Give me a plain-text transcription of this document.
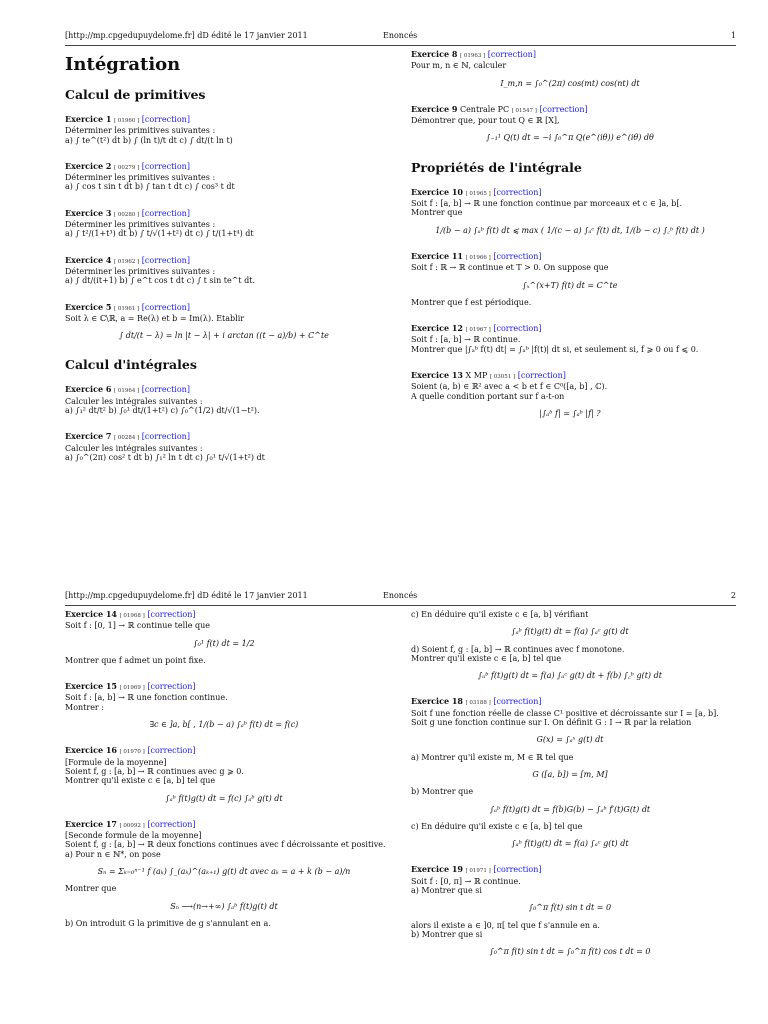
[http://mp.cpgedupuydelome.fr] dD édité le 17 janvier 2011	Enoncés	1
Intégration
Calcul de primitives
Exercice 1 [ 01960 ] [correction]
Déterminer les primitives suivantes :
a) ∫ te^(t²) dt b) ∫ (ln t)/t dt c) ∫ dt/(t ln t)
Exercice 2 [ 00279 ] [correction]
Déterminer les primitives suivantes :
a) ∫ cos t sin t dt b) ∫ tan t dt c) ∫ cos³ t dt
Exercice 3 [ 00280 ] [correction]
Déterminer les primitives suivantes :
a) ∫ t²/(1+t³) dt b) ∫ t/√(1+t²) dt c) ∫ t/(1+t⁴) dt
Exercice 4 [ 01962 ] [correction]
Déterminer les primitives suivantes :
a) ∫ dt/(it+1) b) ∫ e^t cos t dt c) ∫ t sin te^t dt.
Exercice 5 [ 01961 ] [correction]
Soit λ ∈ ℂ\ℝ, a = Re(λ) et b = Im(λ). Etablir
∫ dt/(t − λ) = ln |t − λ| + i arctan ((t − a)/b) + C^te
Calcul d'intégrales
Exercice 6 [ 01964 ] [correction]
Calculer les intégrales suivantes :
a) ∫₁² dt/t² b) ∫₀¹ dt/(1+t²) c) ∫₀^(1/2) dt/√(1−t²).
Exercice 7 [ 00284 ] [correction]
Calculer les intégrales suivantes :
a) ∫₀^(2π) cos² t dt b) ∫₁² ln t dt c) ∫₀¹ t/√(1+t²) dt
Exercice 8 [ 01963 ] [correction]
Pour m, n ∈ ℕ, calculer
I_m,n = ∫₀^(2π) cos(mt) cos(nt) dt
Exercice 9 Centrale PC [ 01547 ] [correction]
Démontrer que, pour tout Q ∈ ℝ [X],
∫₋₁¹ Q(t) dt = −i ∫₀^π Q(e^(iθ)) e^(iθ) dθ
Propriétés de l'intégrale
Exercice 10 [ 01965 ] [correction]
Soit f : [a, b] → ℝ une fonction continue par morceaux et c ∈ ]a, b[.
Montrer que
1/(b − a) ∫ₐᵇ f(t) dt ⩽ max ( 1/(c − a) ∫ₐᶜ f(t) dt, 1/(b − c) ∫꜀ᵇ f(t) dt )
Exercice 11 [ 01966 ] [correction]
Soit f : ℝ → ℝ continue et T > 0. On suppose que
∫ₓ^(x+T) f(t) dt = C^te
Montrer que f est périodique.
Exercice 12 [ 01967 ] [correction]
Soit f : [a, b] → ℝ continue.
Montrer que |∫ₐᵇ f(t) dt| = ∫ₐᵇ |f(t)| dt si, et seulement si, f ⩾ 0 ou f ⩽ 0.
Exercice 13 X MP [ 03051 ] [correction]
Soient (a, b) ∈ ℝ² avec a < b et f ∈ C⁰([a, b] , ℂ).
A quelle condition portant sur f a-t-on
|∫ₐᵇ f| = ∫ₐᵇ |f| ?
[http://mp.cpgedupuydelome.fr] dD édité le 17 janvier 2011	Enoncés	2
Exercice 14 [ 01968 ] [correction]
Soit f : [0, 1] → ℝ continue telle que
∫₀¹ f(t) dt = 1/2
Montrer que f admet un point fixe.
Exercice 15 [ 01969 ] [correction]
Soit f : [a, b] → ℝ une fonction continue.
Montrer :
∃c ∈ ]a, b[ , 1/(b − a) ∫ₐᵇ f(t) dt = f(c)
Exercice 16 [ 01970 ] [correction]
[Formule de la moyenne]
Soient f, g : [a, b] → ℝ continues avec g ⩾ 0.
Montrer qu'il existe c ∈ [a, b] tel que
∫ₐᵇ f(t)g(t) dt = f(c) ∫ₐᵇ g(t) dt
Exercice 17 [ 00092 ] [correction]
[Seconde formule de la moyenne]
Soient f, g : [a, b] → ℝ deux fonctions continues avec f décroissante et positive.
a) Pour n ∈ ℕ*, on pose
Sₙ = Σₖ₌₀ⁿ⁻¹ f (aₖ) ∫_(aₖ)^(aₖ₊₁) g(t) dt avec aₖ = a + k (b − a)/n
Montrer que
Sₙ ⟶(n→+∞) ∫ₐᵇ f(t)g(t) dt
b) On introduit G la primitive de g s'annulant en a.
c) En déduire qu'il existe c ∈ [a, b] vérifiant
∫ₐᵇ f(t)g(t) dt = f(a) ∫ₐᶜ g(t) dt
d) Soient f, g : [a, b] → ℝ continues avec f monotone.
Montrer qu'il existe c ∈ [a, b] tel que
∫ₐᵇ f(t)g(t) dt = f(a) ∫ₐᶜ g(t) dt + f(b) ∫꜀ᵇ g(t) dt
Exercice 18 [ 03188 ] [correction]
Soit f une fonction réelle de classe C¹ positive et décroissante sur I = [a, b].
Soit g une fonction continue sur I. On définit G : I → ℝ par la relation
G(x) = ∫ₐˣ g(t) dt
a) Montrer qu'il existe m, M ∈ ℝ tel que
G ([a, b]) = [m, M]
b) Montrer que
∫ₐᵇ f(t)g(t) dt = f(b)G(b) − ∫ₐᵇ f′(t)G(t) dt
c) En déduire qu'il existe c ∈ [a, b] tel que
∫ₐᵇ f(t)g(t) dt = f(a) ∫ₐᶜ g(t) dt
Exercice 19 [ 01971 ] [correction]
Soit f : [0, π] → ℝ continue.
a) Montrer que si
∫₀^π f(t) sin t dt = 0
alors il existe a ∈ ]0, π[ tel que f s'annule en a.
b) Montrer que si
∫₀^π f(t) sin t dt = ∫₀^π f(t) cos t dt = 0
